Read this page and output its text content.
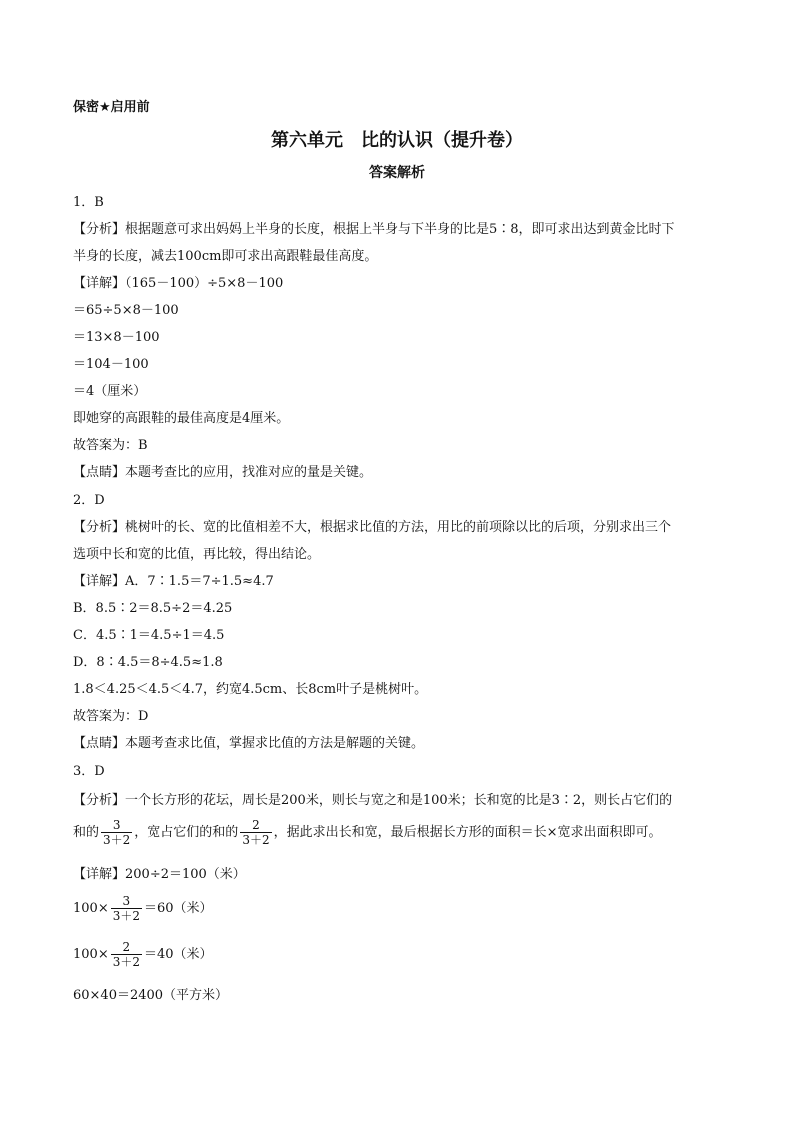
保密★启用前
第六单元　比的认识（提升卷）
答案解析
1．B
【分析】根据题意可求出妈妈上半身的长度，根据上半身与下半身的比是5∶8，即可求出达到黄金比时下
半身的长度，减去100cm即可求出高跟鞋最佳高度。
【详解】（165－100）÷5×8－100
＝65÷5×8－100
＝13×8－100
＝104－100
＝4（厘米）
即她穿的高跟鞋的最佳高度是4厘米。
故答案为：B
【点睛】本题考查比的应用，找准对应的量是关键。
2．D
【分析】桃树叶的长、宽的比值相差不大，根据求比值的方法，用比的前项除以比的后项，分别求出三个
选项中长和宽的比值，再比较，得出结论。
【详解】A．7∶1.5＝7÷1.5≈4.7
B．8.5∶2＝8.5÷2＝4.25
C．4.5∶1＝4.5÷1＝4.5
D．8∶4.5＝8÷4.5≈1.8
1.8＜4.25＜4.5＜4.7，约宽4.5cm、长8cm叶子是桃树叶。
故答案为：D
【点睛】本题考查求比值，掌握求比值的方法是解题的关键。
3．D
【分析】一个长方形的花坛，周长是200米，则长与宽之和是100米；长和宽的比是3∶2，则长占它们的
和的 $\frac{3}{3+2}$ ，宽占它们的和的 $\frac{2}{3+2}$ ，据此求出长和宽，最后根据长方形的面积＝长×宽求出面积即可。
【详解】200÷2＝100（米）
$100\times \frac{3}{3+2} =60$（米）
$100\times \frac{2}{3+2} =40$（米）
60×40＝2400（平方米）
